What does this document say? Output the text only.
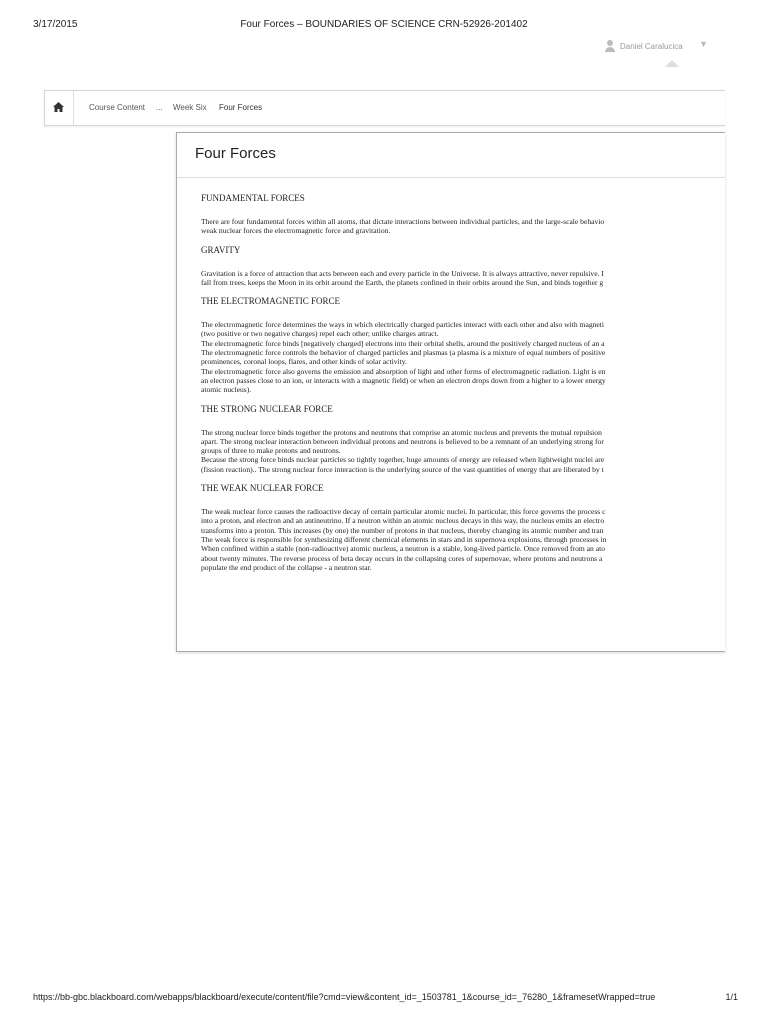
3/17/2015	Four Forces – BOUNDARIES OF SCIENCE CRN-52926-201402
Daniel Caralucica ▼
Course Content ... Week Six Four Forces
Four Forces
FUNDAMENTAL FORCES
There are four fundamental forces within all atoms, that dictate interactions between individual particles, and the large-scale behavio
weak nuclear forces the electromagnetic force and gravitation.
GRAVITY
Gravitation is a force of attraction that acts between each and every particle in the Universe. It is always attractive, never repulsive. I
fall from trees, keeps the Moon in its orbit around the Earth, the planets confined in their orbits around the Sun, and binds together g
THE ELECTROMAGNETIC FORCE
The electromagnetic force determines the ways in which electrically charged particles interact with each other and also with magneti
(two positive or two negative charges) repel each other; unlike charges attract.
The electromagnetic force binds [negatively charged] electrons into their orbital shells, around the positively charged nucleus of an a
The electromagnetic force controls the behavior of charged particles and plasmas (a plasma is a mixture of equal numbers of positive
prominences, coronal loops, flares, and other kinds of solar activity.
The electromagnetic force also governs the emission and absorption of light and other forms of electromagnetic radiation. Light is en
an electron passes close to an ion, or interacts with a magnetic field) or when an electron drops down from a higher to a lower energy
atomic nucleus).
THE STRONG NUCLEAR FORCE
The strong nuclear force binds together the protons and neutrons that comprise an atomic nucleus and prevents the mutual repulsion
apart. The strong nuclear interaction between individual protons and neutrons is believed to be a remnant of an underlying strong for
groups of three to make protons and neutrons.
Because the strong force binds nuclear particles so tightly together, huge amounts of energy are released when lightweight nuclei are
(fission reaction).. The strong nuclear force interaction is the underlying source of the vast quantities of energy that are liberated by t
THE WEAK NUCLEAR FORCE
The weak nuclear force causes the radioactive decay of certain particular atomic nuclei. In particular, this force governs the process c
into a proton, and electron and an antineutrino. If a neutron within an atomic nucleus decays in this way, the nucleus emits an electro
transforms into a proton. This increases (by one) the number of protons in that nucleus, thereby changing its atomic number and tran
The weak force is responsible for synthesizing different chemical elements in stars and in supernova explosions, through processes in
When confined within a stable (non-radioactive) atomic nucleus, a neutron is a stable, long-lived particle. Once removed from an ato
about twenty minutes. The reverse process of beta decay occurs in the collapsing cores of supernovae, where protons and neutrons a
populate the end product of the collapse - a neutron star.
https://bb-gbc.blackboard.com/webapps/blackboard/execute/content/file?cmd=view&content_id=_1503781_1&course_id=_76280_1&framesetWrapped=true	1/1
